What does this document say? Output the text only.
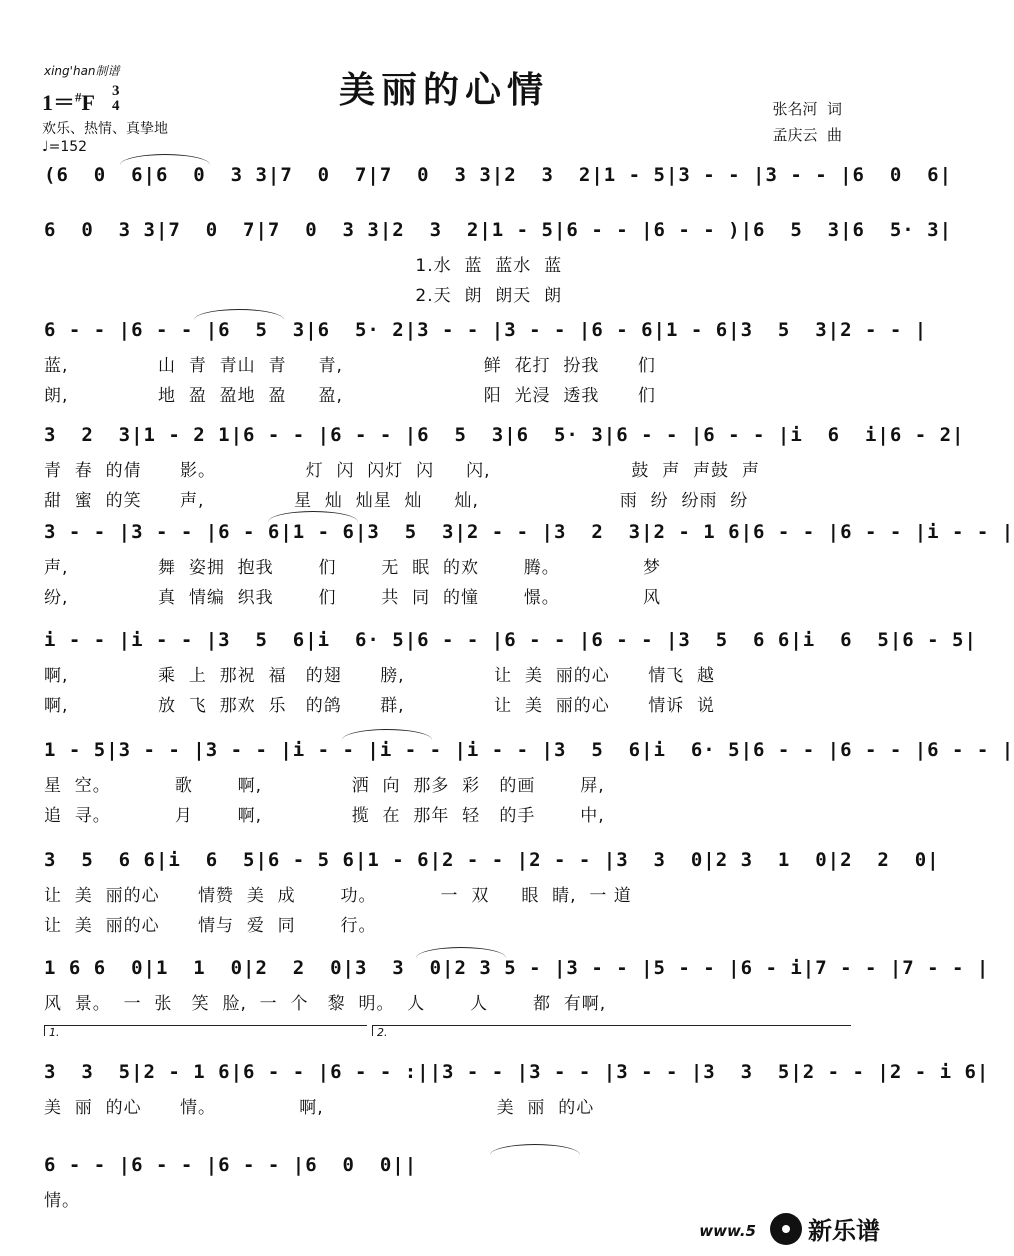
xing'han制谱	美丽的心情
1＝#F 3
4
欢乐、热情、真挚地
♩=152
张名河  词
孟庆云  曲
(6  0  6|6  0  3 3|7  0  7|7  0  3 3|2  3  2|1 - 5|3 - - |3 - - |6  0  6|
6  0  3 3|7  0  7|7  0  3 3|2  3  2|1 - 5|6 - - |6 - - )|6  5  3|6  5· 3|
1.水  蓝  蓝水  蓝
2.天  朗  朗天  朗
6 - - |6 - - |6  5  3|6  5· 2|3 - - |3 - - |6 - 6|1 - 6|3  5  3|2 - - |
蓝,              山  青  青山  青     青,                      鲜  花打  扮我      们
朗,              地  盈  盈地  盈     盈,                      阳  光浸  透我      们
3  2  3|1 - 2 1|6 - - |6 - - |6  5  3|6  5· 3|6 - - |6 - - |i  6  i|6 - 2|
青  春  的倩      影。              灯  闪  闪灯  闪     闪,                      鼓  声  声鼓  声
甜  蜜  的笑      声,              星  灿  灿星  灿     灿,                      雨  纷  纷雨  纷
3 - - |3 - - |6 - 6|1 - 6|3  5  3|2 - - |3  2  3|2 - 1 6|6 - - |6 - - |i - - |
声,              舞  姿拥  抱我       们       无  眠  的欢       腾。             梦
纷,              真  情编  织我       们       共  同  的憧       憬。             风
i - - |i - - |3  5  6|i  6· 5|6 - - |6 - - |6 - - |3  5  6 6|i  6  5|6 - 5|
啊,              乘  上  那祝  福   的翅      膀,              让  美  丽的心      情飞  越
啊,              放  飞  那欢  乐   的鸽      群,              让  美  丽的心      情诉  说
1 - 5|3 - - |3 - - |i - - |i - - |i - - |3  5  6|i  6· 5|6 - - |6 - - |6 - - |
星  空。          歌       啊,              洒  向  那多  彩   的画       屏,
追  寻。          月       啊,              揽  在  那年  轻   的手       中,
3  5  6 6|i  6  5|6 - 5 6|1 - 6|2 - - |2 - - |3  3  0|2 3  1  0|2  2  0|
让  美  丽的心      情赞  美  成       功。          一  双     眼  睛,  一 道
让  美  丽的心      情与  爱  同       行。
1 6 6  0|1  1  0|2  2  0|3  3  0|2 3 5 - |3 - - |5 - - |6 - i|7 - - |7 - - |
风  景。  一  张   笑  脸,  一  个   黎  明。  人       人       都  有啊,
3  3  5|2 - 1 6|6 - - |6 - - :||3 - - |3 - - |3 - - |3  3  5|2 - - |2 - i 6|
美  丽  的心      情。             啊,                           美  丽  的心
6 - - |6 - - |6 - - |6  0  0||
情。
1.	2.
www.5 新乐谱
